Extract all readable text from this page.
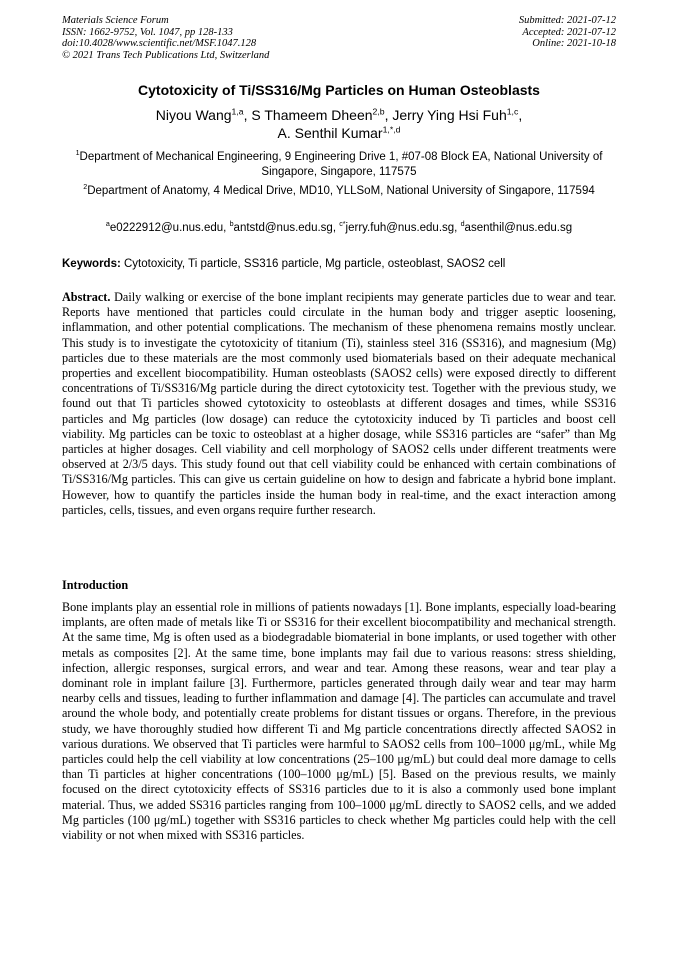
Materials Science Forum
ISSN: 1662-9752, Vol. 1047, pp 128-133
doi:10.4028/www.scientific.net/MSF.1047.128
© 2021 Trans Tech Publications Ltd, Switzerland
Submitted: 2021-07-12
Accepted: 2021-07-12
Online: 2021-10-18
Cytotoxicity of Ti/SS316/Mg Particles on Human Osteoblasts
Niyou Wang$^{1,a}$, S Thameem Dheen$^{2,b}$, Jerry Ying Hsi Fuh$^{1,c}$,
A. Senthil Kumar$^{1,*,d}$
$^1$Department of Mechanical Engineering, 9 Engineering Drive 1, #07-08 Block EA, National University of Singapore, Singapore, 117575
$^2$Department of Anatomy, 4 Medical Drive, MD10, YLLSoM, National University of Singapore, 117594
$^a$e0222912@u.nus.edu, $^b$antstd@nus.edu.sg, $^{c*}$jerry.fuh@nus.edu.sg, $^d$asenthil@nus.edu.sg
Keywords: Cytotoxicity, Ti particle, SS316 particle, Mg particle, osteoblast, SAOS2 cell
Abstract. Daily walking or exercise of the bone implant recipients may generate particles due to wear and tear. Reports have mentioned that particles could circulate in the human body and trigger aseptic loosening, inflammation, and other potential complications. The mechanism of these phenomena remains mostly unclear. This study is to investigate the cytotoxicity of titanium (Ti), stainless steel 316 (SS316), and magnesium (Mg) particles due to these materials are the most commonly used biomaterials based on their adequate mechanical properties and excellent biocompatibility. Human osteoblasts (SAOS2 cells) were exposed directly to different concentrations of Ti/SS316/Mg particle during the direct cytotoxicity test. Together with the previous study, we found out that Ti particles showed cytotoxicity to osteoblasts at different dosages and times, while SS316 particles and Mg particles (low dosage) can reduce the cytotoxicity induced by Ti particles and boost cell viability. Mg particles can be toxic to osteoblast at a higher dosage, while SS316 particles are “safer” than Mg particles at higher dosages. Cell viability and cell morphology of SAOS2 cells under different treatments were observed at 2/3/5 days. This study found out that cell viability could be enhanced with certain combinations of Ti/SS316/Mg particles. This can give us certain guideline on how to design and fabricate a hybrid bone implant. However, how to quantify the particles inside the human body in real-time, and the exact interaction among particles, cells, tissues, and even organs require further research.
Introduction
Bone implants play an essential role in millions of patients nowadays [1]. Bone implants, especially load-bearing implants, are often made of metals like Ti or SS316 for their excellent biocompatibility and mechanical strength. At the same time, Mg is often used as a biodegradable biomaterial in bone implants, or used together with other metals as composites [2]. At the same time, bone implants may fail due to various reasons: stress shielding, infection, allergic responses, surgical errors, and wear and tear. Among these reasons, wear and tear play a dominant role in implant failure [3]. Furthermore, particles generated through daily wear and tear may harm nearby cells and tissues, leading to further inflammation and damage [4]. The particles can accumulate and travel around the whole body, and potentially create problems for distant tissues or organs. Therefore, in the previous study, we have thoroughly studied how different Ti and Mg particle concentrations directly affected SAOS2 in various durations. We observed that Ti particles were harmful to SAOS2 cells from 100–1000 μg/mL, while Mg particles could help the cell viability at low concentrations (25–100 μg/mL) but could deal more damage to cells than Ti particles at higher concentrations (100–1000 μg/mL) [5]. Based on the previous results, we mainly focused on the direct cytotoxicity effects of SS316 particles due to it is also a commonly used bone implant material. Thus, we added SS316 particles ranging from 100–1000 μg/mL directly to SAOS2 cells, and we added Mg particles (100 μg/mL) together with SS316 particles to check whether Mg particles could help with the cell viability or not when mixed with SS316 particles.
